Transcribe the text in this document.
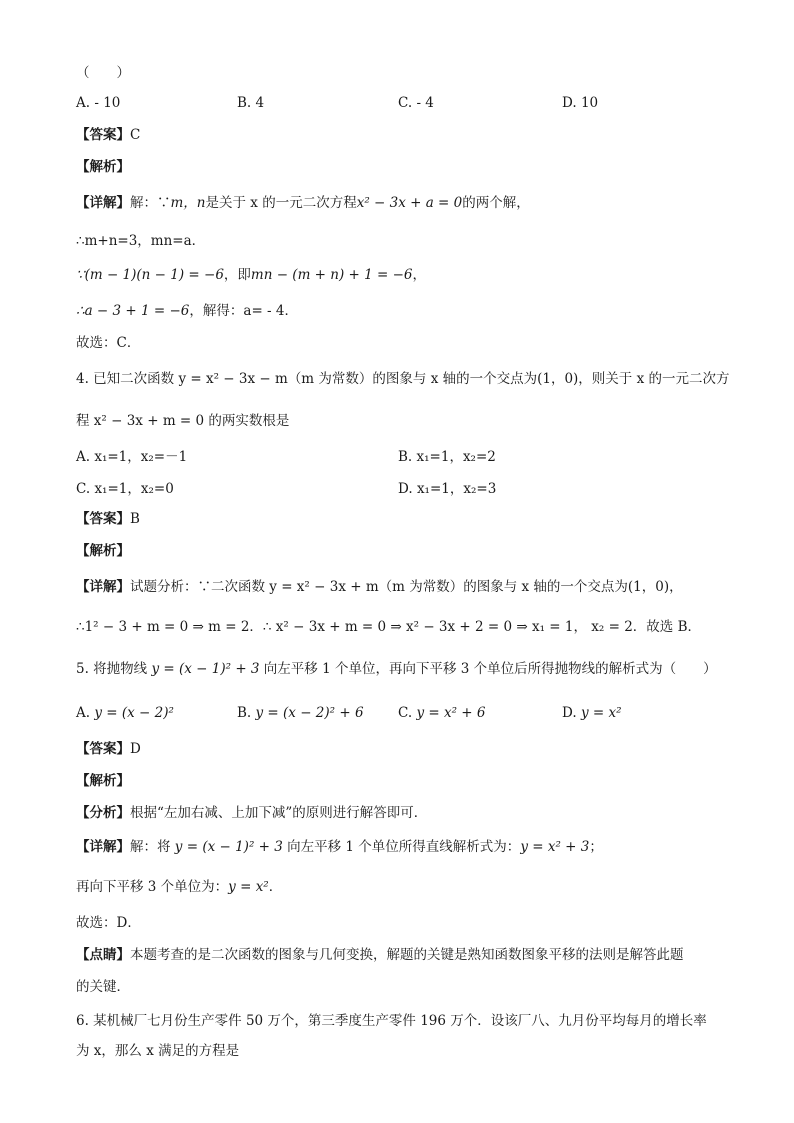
（　　）
A. - 10	B. 4	C. - 4	D. 10
【答案】C
【解析】
【详解】解：∵m，n是关于 x 的一元二次方程x² − 3x + a = 0的两个解，
∴m+n=3，mn=a．
∵(m − 1)(n − 1) = −6，即mn − (m + n) + 1 = −6，
∴a − 3 + 1 = −6，解得：a= - 4．
故选：C．
4. 已知二次函数 y = x² − 3x − m（m 为常数）的图象与 x 轴的一个交点为(1，0)，则关于 x 的一元二次方
程 x² − 3x + m = 0 的两实数根是
A. x₁=1，x₂=－1	B. x₁=1，x₂=2
C. x₁=1，x₂=0	D. x₁=1，x₂=3
【答案】B
【解析】
【详解】试题分析：∵二次函数 y = x² − 3x + m（m 为常数）的图象与 x 轴的一个交点为(1，0)，
∴1² − 3 + m = 0 ⇒ m = 2．∴ x² − 3x + m = 0 ⇒ x² − 3x + 2 = 0 ⇒ x₁ = 1， x₂ = 2．故选 B．
5. 将抛物线 y = (x − 1)² + 3 向左平移 1 个单位，再向下平移 3 个单位后所得抛物线的解析式为（　　）
A. y = (x − 2)²	B. y = (x − 2)² + 6	C. y = x² + 6	D. y = x²
【答案】D
【解析】
【分析】根据“左加右减、上加下减”的原则进行解答即可．
【详解】解：将 y = (x − 1)² + 3 向左平移 1 个单位所得直线解析式为：y = x² + 3；
再向下平移 3 个单位为：y = x²．
故选：D．
【点睛】本题考查的是二次函数的图象与几何变换，解题的关键是熟知函数图象平移的法则是解答此题
的关键．
6. 某机械厂七月份生产零件 50 万个，第三季度生产零件 196 万个．设该厂八、九月份平均每月的增长率
为 x，那么 x 满足的方程是
